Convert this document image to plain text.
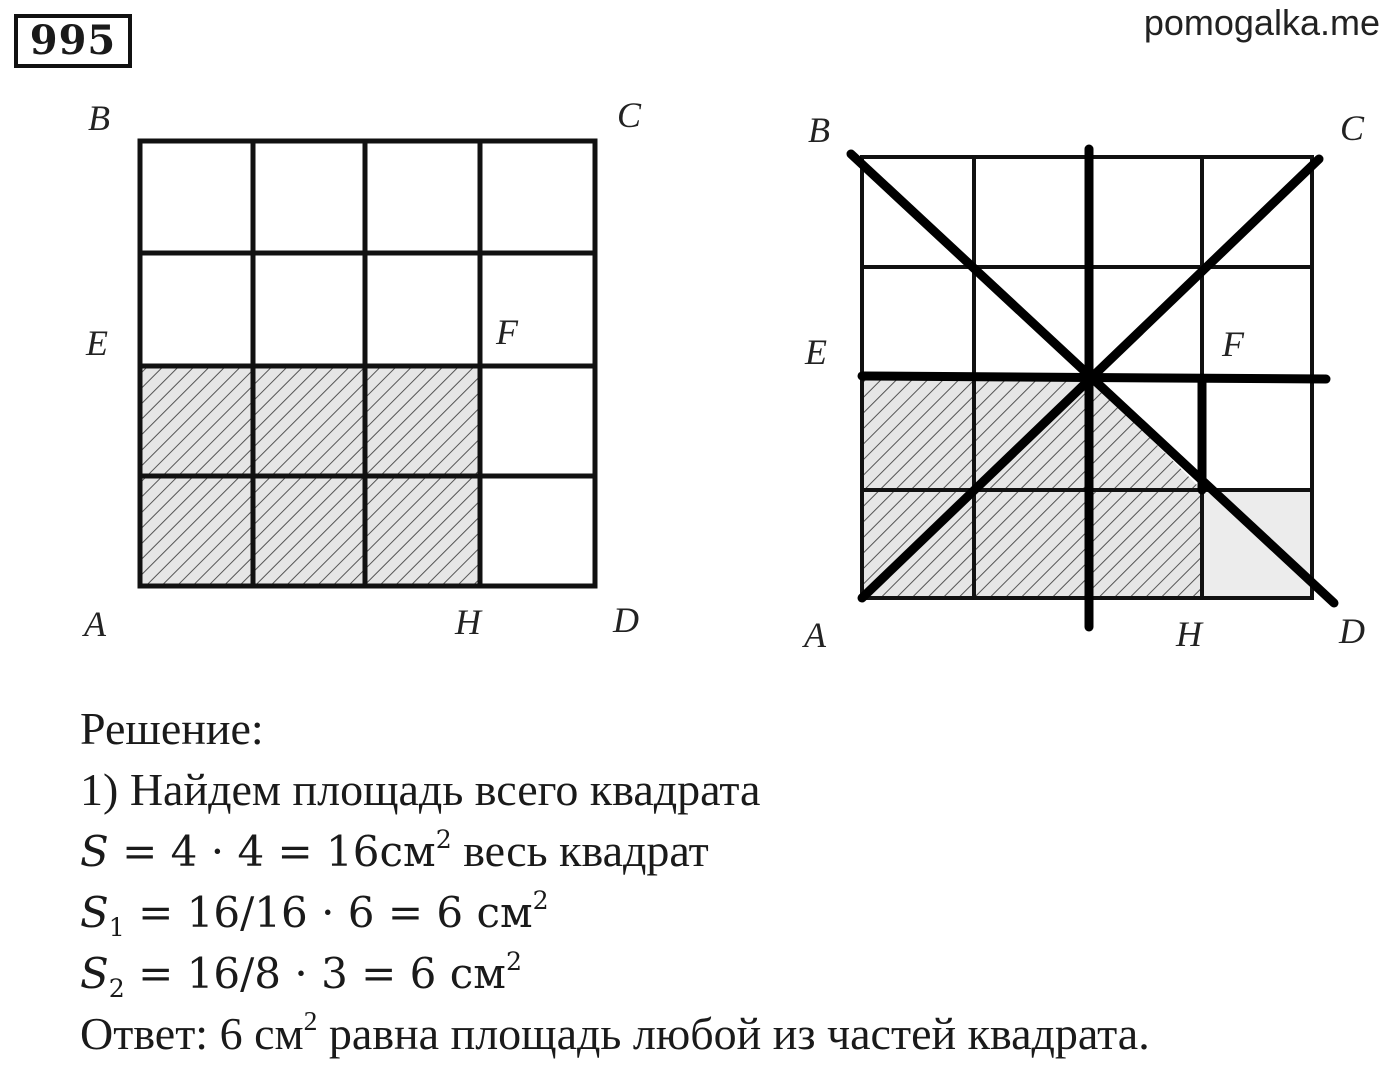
995	pomogalka.me
B	C
E	F
A	H	D
B	C
E	F
A	H	D
Решение:
1) Найдем площадь всего квадрата
$S = 4 \cdot 4 = 16см^2$ весь квадрат
$S_1 = 16/16 \cdot 6 = 6$ $см^2$
$S_2 = 16/8 \cdot 3 = 6$ $см^2$
Ответ: 6 $см^2$ равна площадь любой из частей квадрата.
